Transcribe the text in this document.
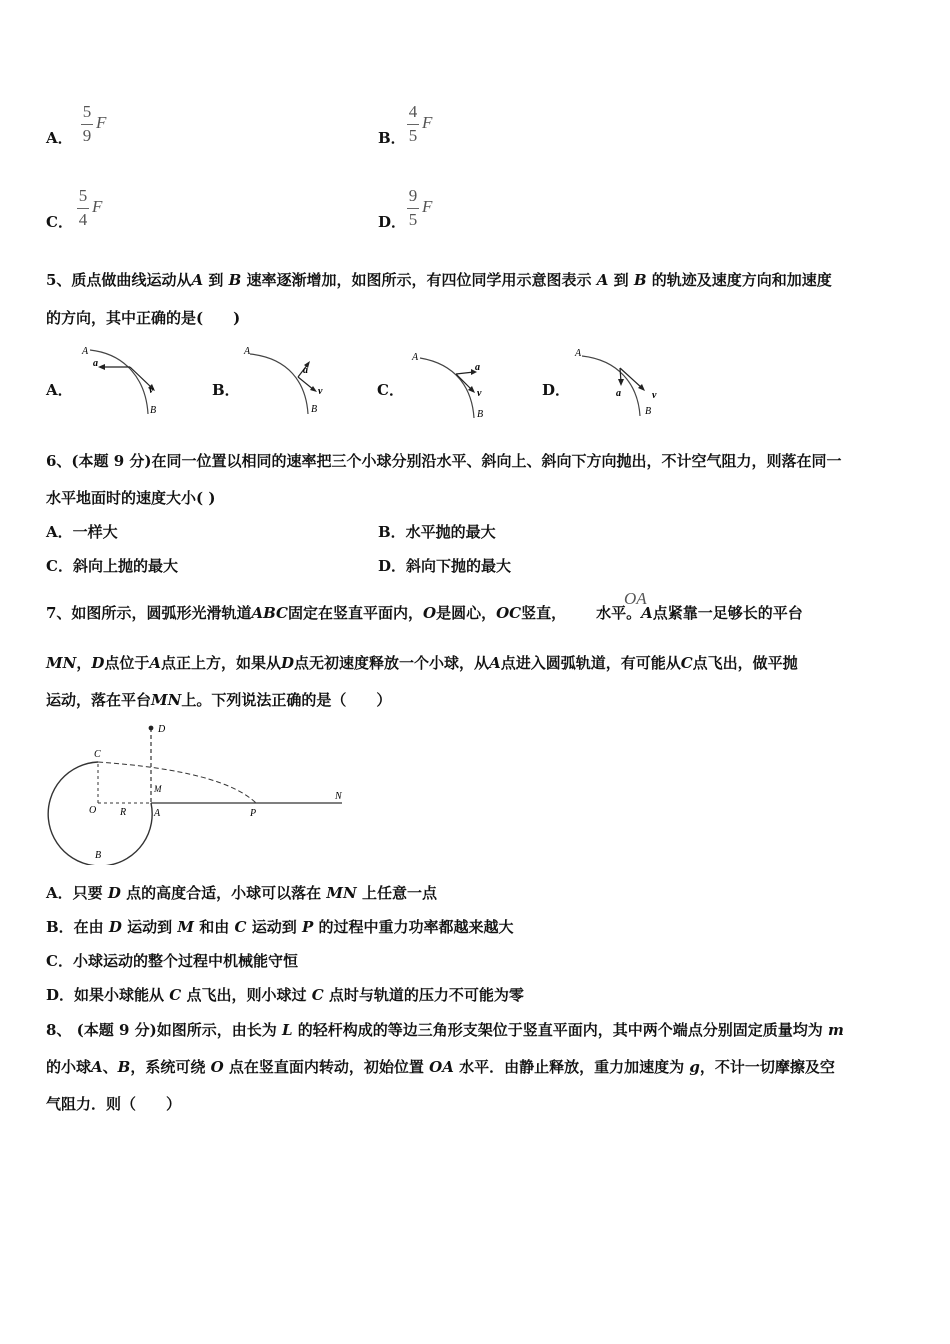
A．
5
9
F
B．
4
5
F
C．
5
4
F
D．
9
5
F
5、质点做曲线运动从A 到 B 速率逐渐增加，如图所示，有四位同学用示意图表示 A 到 B 的轨迹及速度方向和加速度
的方向，其中正确的是(　　)
A．	B．	C．	D．
A
a
v
B
A
a
v
B
A
a
v
B
A
a	v
B
6、(本题 9 分)在同一位置以相同的速率把三个小球分别沿水平、斜向上、斜向下方向抛出，不计空气阻力，则落在同一
水平地面时的速度大小( )
A．一样大	B．水平抛的最大
C．斜向上抛的最大	D．斜向下抛的最大
7、如图所示，圆弧形光滑轨道ABC固定在竖直平面内，O是圆心，OC竖直， 水平。A点紧靠一足够长的平台
OA
MN，D点位于A点正上方，如果从D点无初速度释放一个小球，从A点进入圆弧轨道，有可能从C点飞出，做平抛
运动，落在平台MN上。下列说法正确的是（　　）
D
C
M
O R	A	P
N
B
A．只要 D 点的高度合适，小球可以落在 MN 上任意一点
B．在由 D 运动到 M 和由 C 运动到 P 的过程中重力功率都越来越大
C．小球运动的整个过程中机械能守恒
D．如果小球能从 C 点飞出，则小球过 C 点时与轨道的压力不可能为零
8、 (本题 9 分)如图所示，由长为 L 的轻杆构成的等边三角形支架位于竖直平面内，其中两个端点分别固定质量均为 m
的小球A、B，系统可绕 O 点在竖直面内转动，初始位置 OA 水平．由静止释放，重力加速度为 g，不计一切摩擦及空
气阻力．则（　　）
